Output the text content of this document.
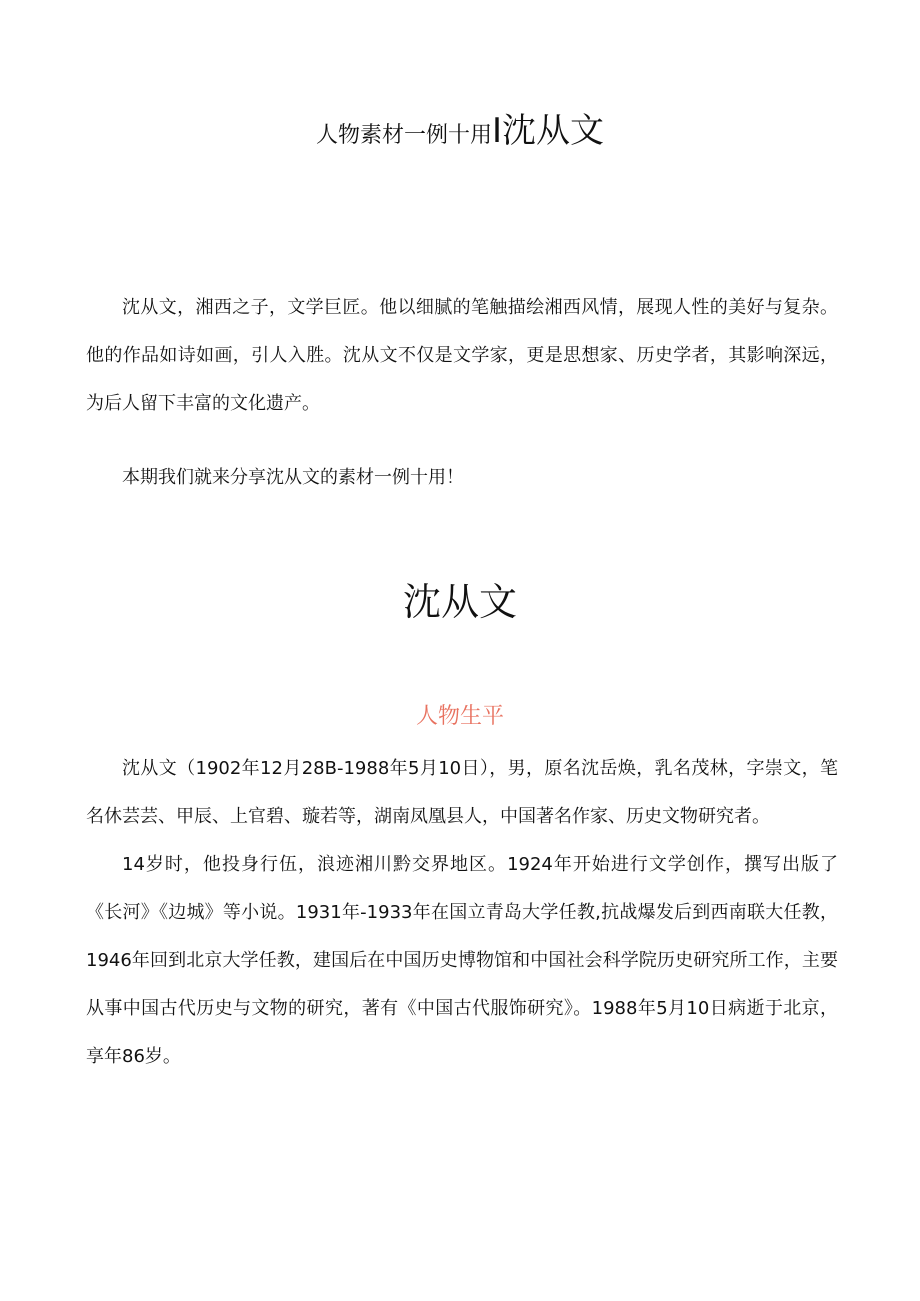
人物素材一例十用I沈从文

沈从文，湘西之子，文学巨匠。他以细腻的笔触描绘湘西风情，展现人性的美好与复杂。他的作品如诗如画，引人入胜。沈从文不仅是文学家，更是思想家、历史学者，其影响深远，为后人留下丰富的文化遗产。

本期我们就来分享沈从文的素材一例十用！

沈从文
人物生平

沈从文（1902年12月28B-1988年5月10日），男，原名沈岳焕，乳名茂林，字崇文，笔名休芸芸、甲辰、上官碧、璇若等，湖南凤凰县人，中国著名作家、历史文物研究者。

14岁时，他投身行伍，浪迹湘川黔交界地区。1924年开始进行文学创作，撰写出版了《长河》《边城》等小说。1931年-1933年在国立青岛大学任教,抗战爆发后到西南联大任教，1946年回到北京大学任教，建国后在中国历史博物馆和中国社会科学院历史研究所工作，主要从事中国古代历史与文物的研究，著有《中国古代服饰研究》。1988年5月10日病逝于北京，享年86岁。
